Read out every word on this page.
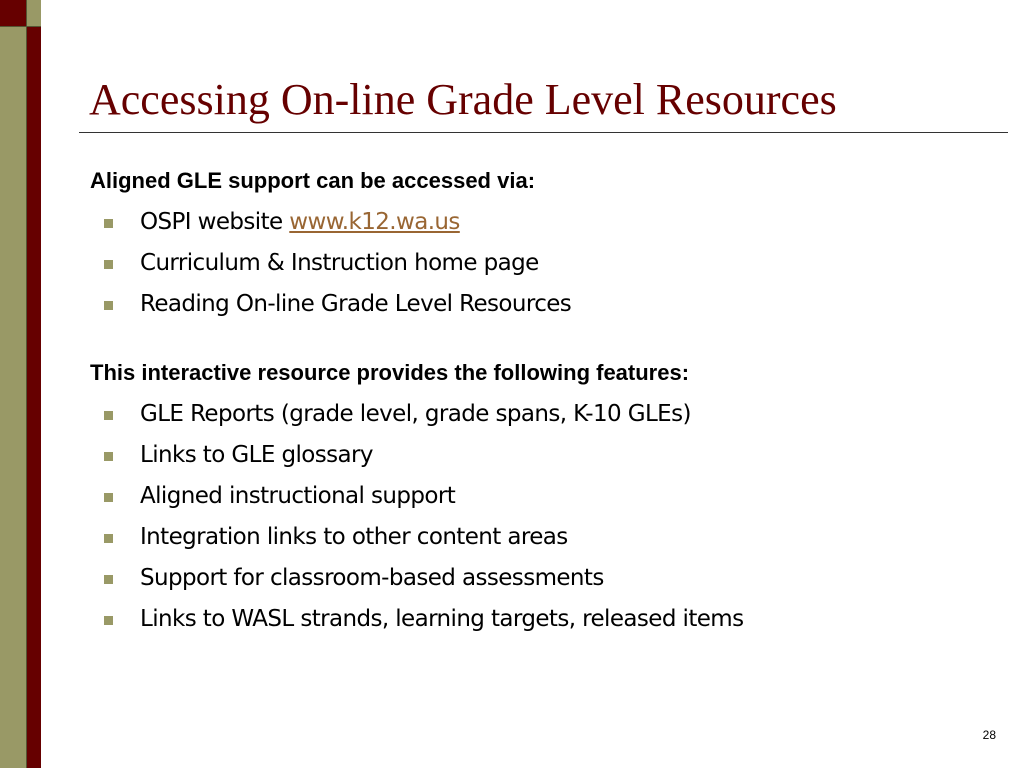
Accessing On-line Grade Level Resources

Aligned GLE support can be accessed via:

OSPI website www.k12.wa.us
Curriculum & Instruction home page
Reading On-line Grade Level Resources

This interactive resource provides the following features:

GLE Reports (grade level, grade spans, K-10 GLEs)
Links to GLE glossary
Aligned instructional support
Integration links to other content areas
Support for classroom-based assessments
Links to WASL strands, learning targets, released items
28
